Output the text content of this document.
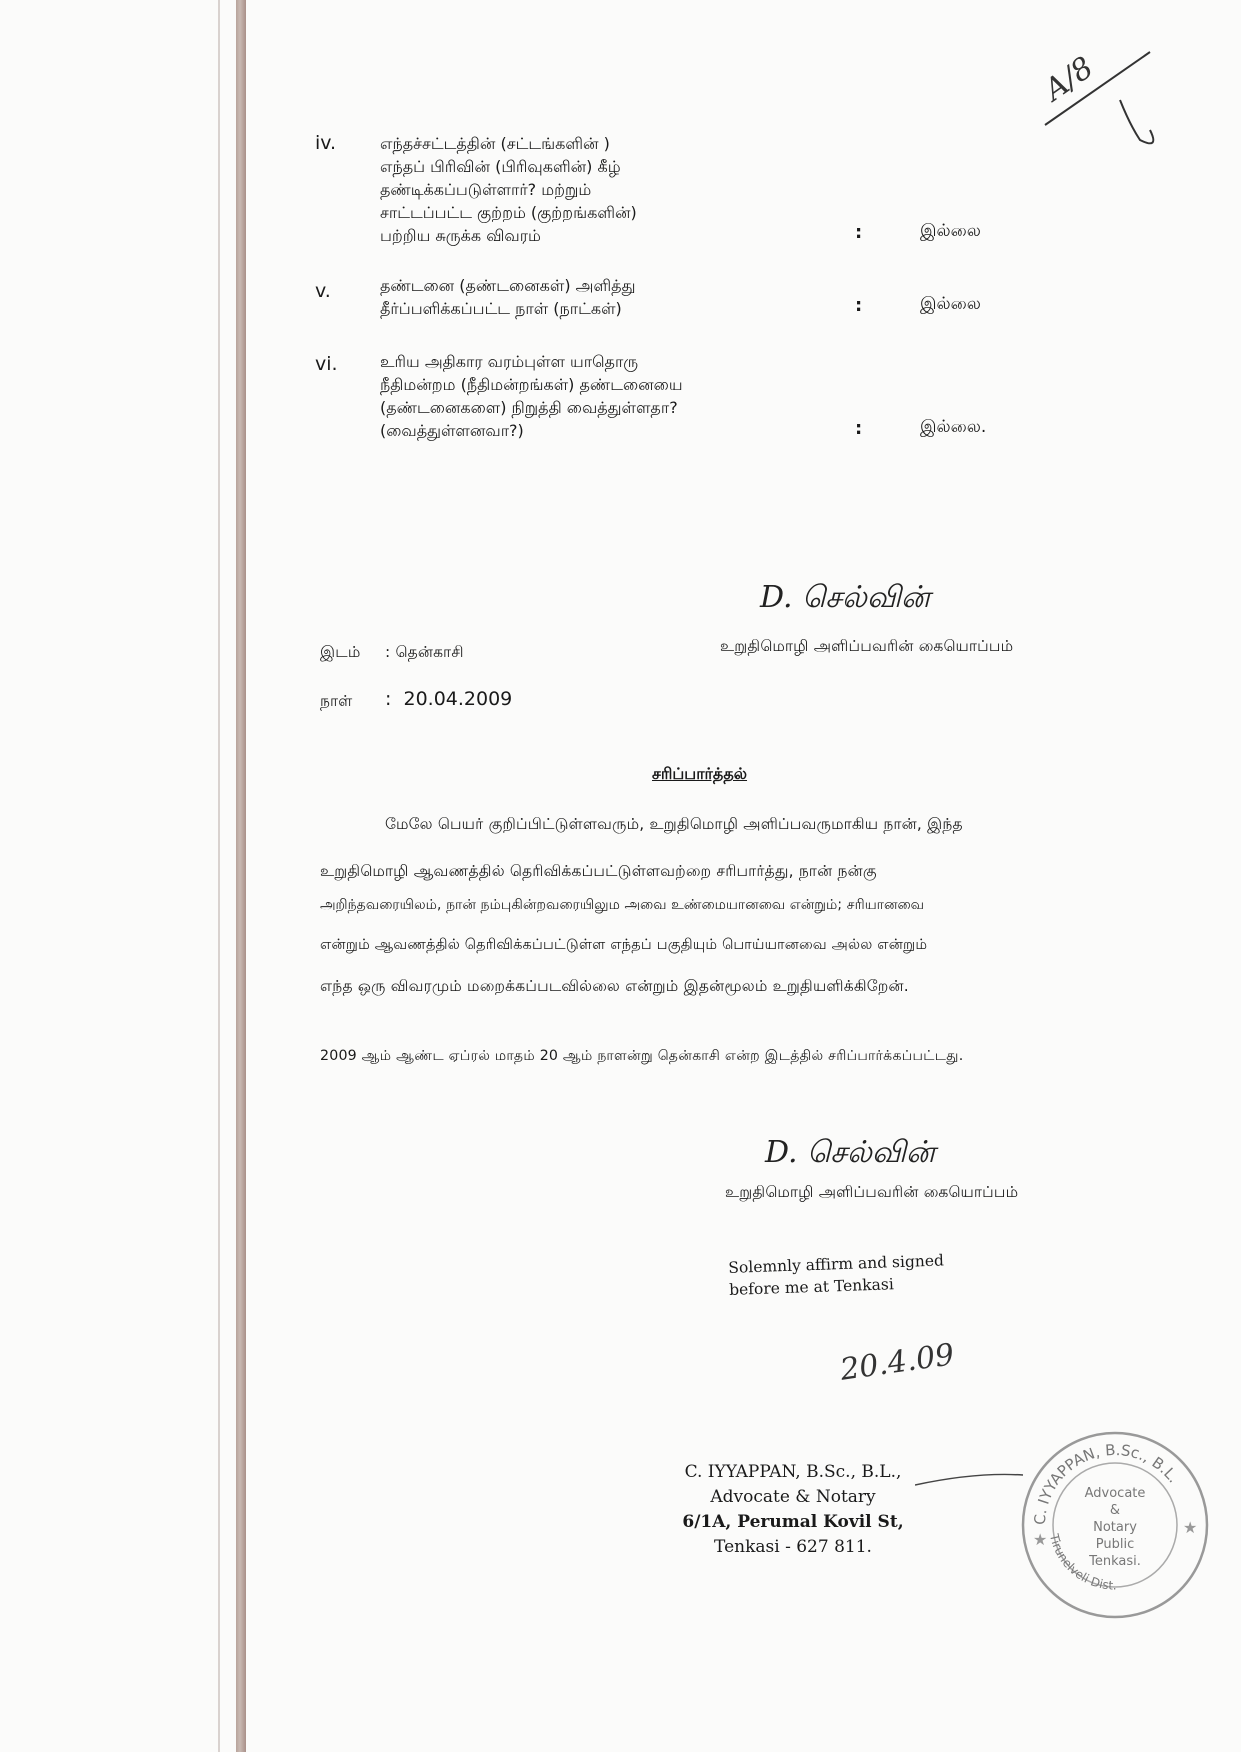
A/8
iv.	எந்தச்சட்டத்தின் (சட்டங்களின் )
எந்தப் பிரிவின் (பிரிவுகளின்) கீழ்
தண்டிக்கப்படுள்ளார்? மற்றும்
சாட்டப்பட்ட குற்றம் (குற்றங்களின்)
பற்றிய சுருக்க விவரம்	:	இல்லை
v.	தண்டனை (தண்டனைகள்) அளித்து
தீர்ப்பளிக்கப்பட்ட நாள் (நாட்கள்)	:	இல்லை
vi.	உரிய அதிகார வரம்புள்ள யாதொரு
நீதிமன்றம (நீதிமன்றங்கள்) தண்டனையை
(தண்டனைகளை) நிறுத்தி வைத்துள்ளதா?
(வைத்துள்ளனவா?)	:	இல்லை.
D. செல்வின்
உறுதிமொழி அளிப்பவரின் கையொப்பம்
இடம் : தென்காசி
நாள் :  20.04.2009
சரிப்பார்த்தல்
மேலே பெயர் குறிப்பிட்டுள்ளவரும், உறுதிமொழி அளிப்பவருமாகிய நான், இந்த
உறுதிமொழி ஆவணத்தில் தெரிவிக்கப்பட்டுள்ளவற்றை சரிபார்த்து, நான் நன்கு
அறிந்தவரையிலம், நான் நம்புகின்றவரையிலும அவை உண்மையானவை என்றும்; சரியானவை
என்றும் ஆவணத்தில் தெரிவிக்கப்பட்டுள்ள எந்தப் பகுதியும் பொய்யானவை அல்ல என்றும்
எந்த ஒரு விவரமும் மறைக்கப்படவில்லை என்றும் இதன்மூலம் உறுதியளிக்கிறேன்.
2009 ஆம் ஆண்ட ஏப்ரல் மாதம் 20 ஆம் நாளன்று தென்காசி என்ற இடத்தில் சரிப்பார்க்கப்பட்டது.
D. செல்வின்
உறுதிமொழி அளிப்பவரின் கையொப்பம்
Solemnly affirm and signed
before me at Tenkasi
20.4.09
C. IYYAPPAN, B.Sc., B.L.,
Advocate & Notary
6/1A, Perumal Kovil St,
Tenkasi - 627 811.
C. IYYAPPAN, B.Sc., B.L.
Tirunelveli Dist.
Advocate
&
Notary
Public
Tenkasi.
★
★
